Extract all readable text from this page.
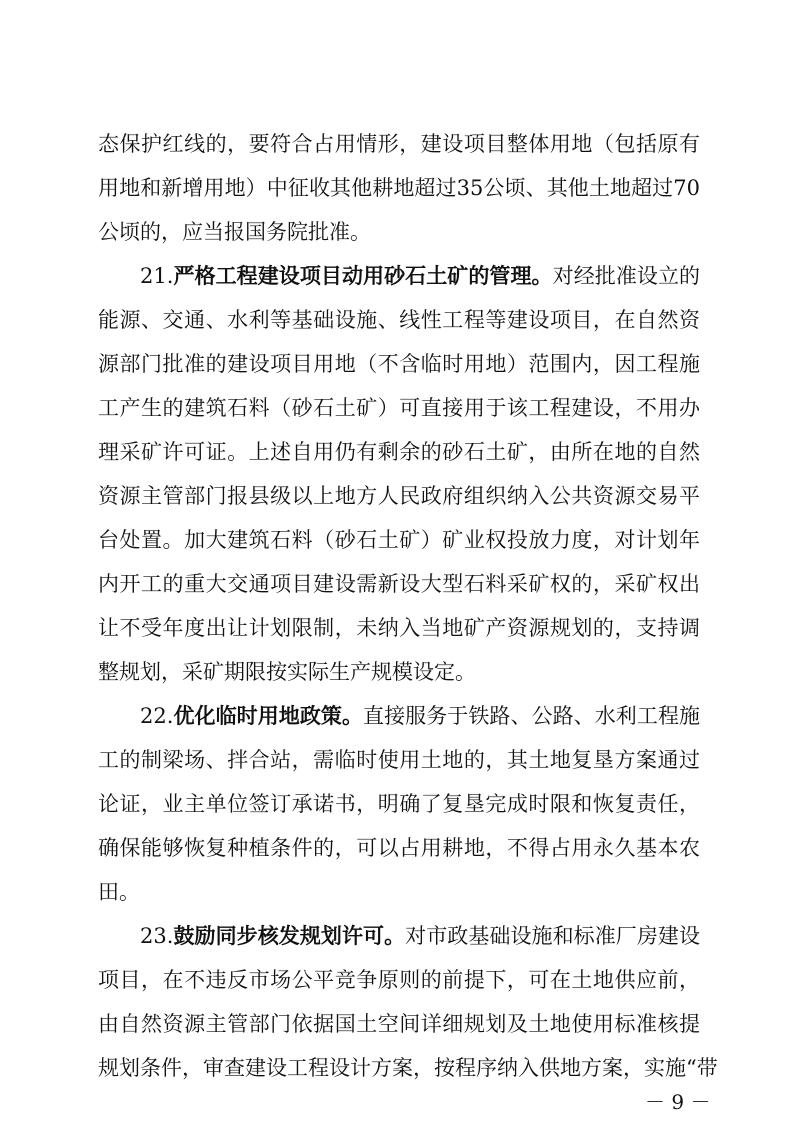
态保护红线的，要符合占用情形，建设项目整体用地（包括原有
用地和新增用地）中征收其他耕地超过35公顷、其他土地超过70
公顷的，应当报国务院批准。
21.严格工程建设项目动用砂石土矿的管理。对经批准设立的
能源、交通、水利等基础设施、线性工程等建设项目，在自然资
源部门批准的建设项目用地（不含临时用地）范围内，因工程施
工产生的建筑石料（砂石土矿）可直接用于该工程建设，不用办
理采矿许可证。上述自用仍有剩余的砂石土矿，由所在地的自然
资源主管部门报县级以上地方人民政府组织纳入公共资源交易平
台处置。加大建筑石料（砂石土矿）矿业权投放力度，对计划年
内开工的重大交通项目建设需新设大型石料采矿权的，采矿权出
让不受年度出让计划限制，未纳入当地矿产资源规划的，支持调
整规划，采矿期限按实际生产规模设定。
22.优化临时用地政策。直接服务于铁路、公路、水利工程施
工的制梁场、拌合站，需临时使用土地的，其土地复垦方案通过
论证，业主单位签订承诺书，明确了复垦完成时限和恢复责任，
确保能够恢复种植条件的，可以占用耕地，不得占用永久基本农
田。
23.鼓励同步核发规划许可。对市政基础设施和标准厂房建设
项目，在不违反市场公平竞争原则的前提下，可在土地供应前，
由自然资源主管部门依据国土空间详细规划及土地使用标准核提
规划条件，审查建设工程设计方案，按程序纳入供地方案，实施“带
－ 9 －
